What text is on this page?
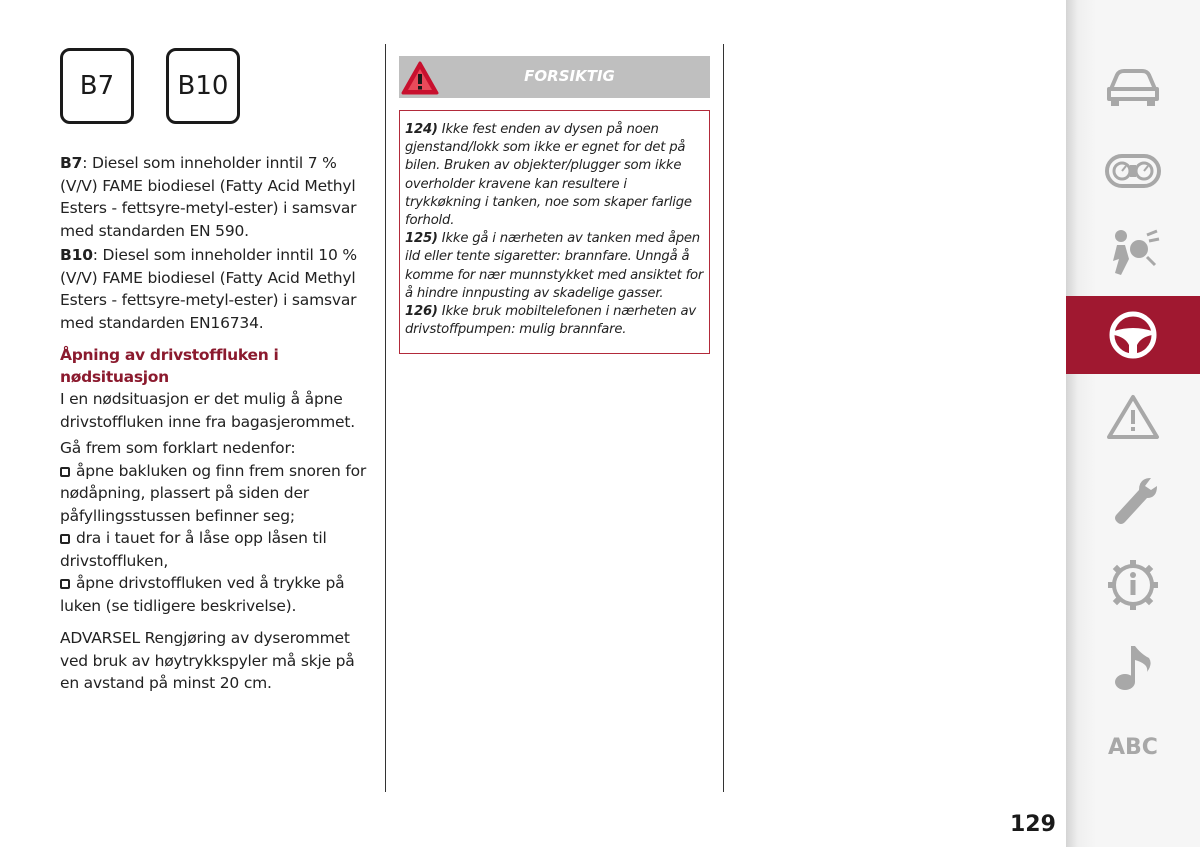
B7	B10

B7: Diesel som inneholder inntil 7 % (V/V) FAME biodiesel (Fatty Acid Methyl Esters - fettsyre-metyl-ester) i samsvar med standarden EN 590.

B10: Diesel som inneholder inntil 10 % (V/V) FAME biodiesel (Fatty Acid Methyl Esters - fettsyre-metyl-ester) i samsvar med standarden EN16734.

Åpning av drivstoffluken i nødsituasjon

I en nødsituasjon er det mulig å åpne drivstoffluken inne fra bagasjerommet.

Gå frem som forklart nedenfor:

åpne bakluken og finn frem snoren for nødåpning, plassert på siden der påfyllingsstussen befinner seg;

dra i tauet for å låse opp låsen til drivstoffluken,

åpne drivstoffluken ved å trykke på luken (se tidligere beskrivelse).

ADVARSEL Rengjøring av dyserommet ved bruk av høytrykkspyler må skje på en avstand på minst 20 cm.

FORSIKTIG

124) Ikke fest enden av dysen på noen gjenstand/lokk som ikke er egnet for det på bilen. Bruken av objekter/plugger som ikke overholder kravene kan resultere i trykkøkning i tanken, noe som skaper farlige forhold.

125) Ikke gå i nærheten av tanken med åpen ild eller tente sigaretter: brannfare. Unngå å komme for nær munnstykket med ansiktet for å hindre innpusting av skadelige gasser.

126) Ikke bruk mobiltelefonen i nærheten av drivstoffpumpen: mulig brannfare.

ABC
129
